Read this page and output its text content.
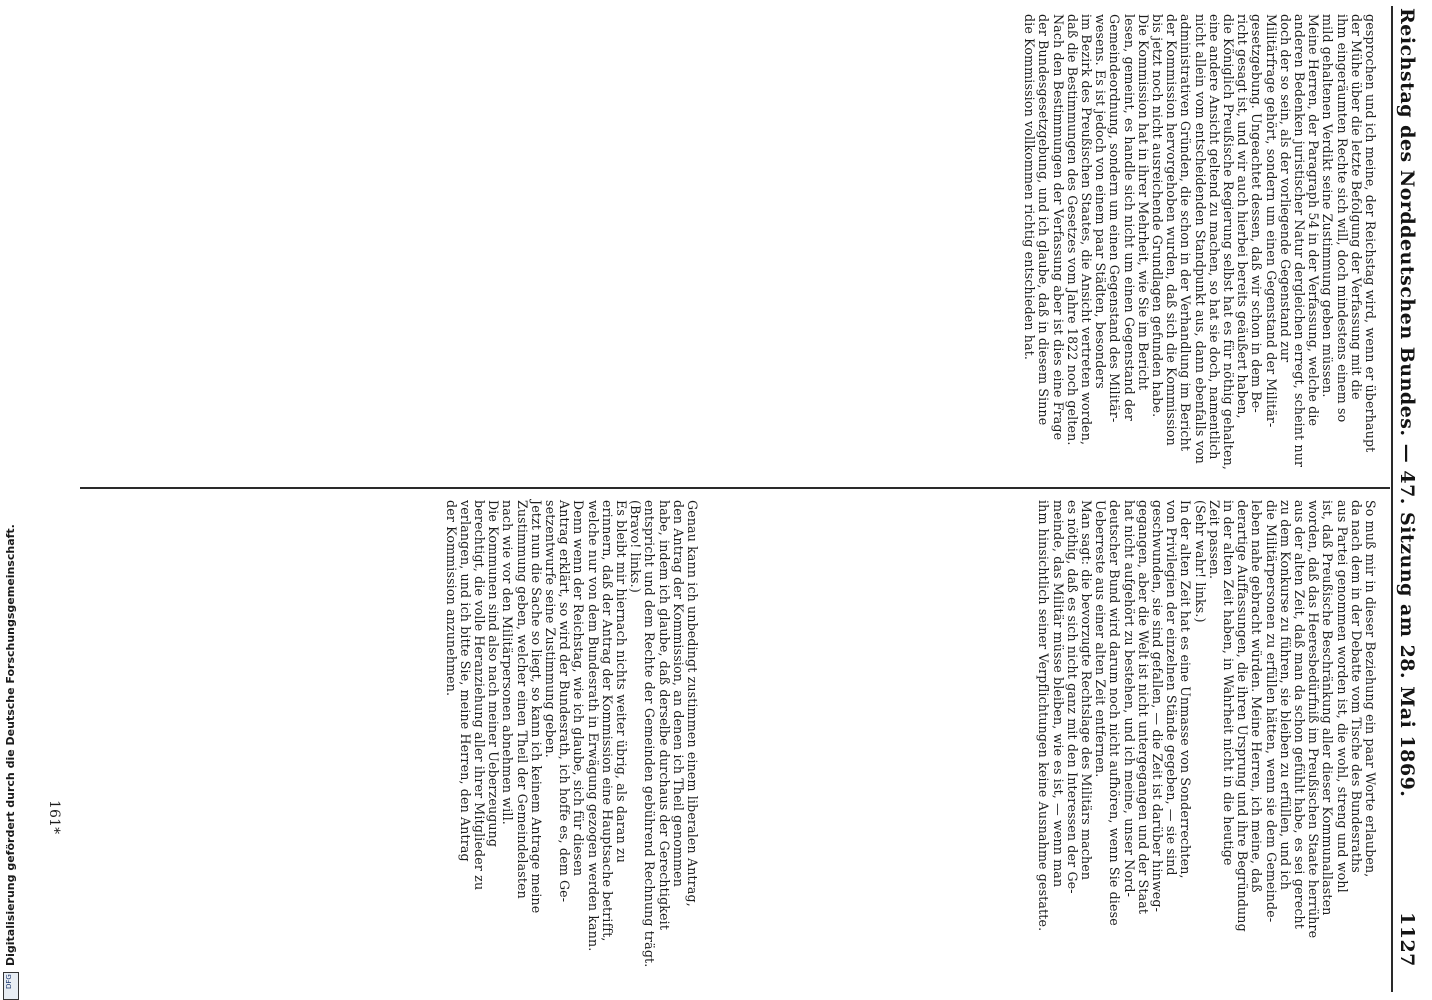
Reichstag des Norddeutschen Bundes. — 47. Sitzung am 28. Mai 1869.
1127
gesprochen und ich meine, der Reichstag wird, wenn er überhaupt
der Mühe über die letzte Befolgung der Verfassung mit die
ihm eingeräumten Rechte sich will, doch mindestens einem so
mild gehaltenen Verdikt seine Zustimmung geben müssen.
Meine Herren, der Paragraph 54 in der Verfassung, welche die
anderen Bedenken juristischer Natur dergleichen erregt, scheint nur
doch der so sein, als der vorliegende Gegenstand zur
Militärfrage gehört, sondern um einen Gegenstand der Militär-
gesetzgebung. Ungeachtet dessen, daß wir schon in dem Be-
richt gesagt ist, und wir auch hierbei bereits geäußert haben,
die Königlich Preußische Regierung selbst hat es für nöthig gehalten,
eine andere Ansicht geltend zu machen, so hat sie doch, namentlich
nicht allein vom entscheidenden Standpunkt aus, dann ebenfalls von
administrativen Gründen, die schon in der Verhandlung im Bericht
der Kommission hervorgehoben wurden, daß sich die Kommission
bis jetzt noch nicht ausreichende Grundlagen gefunden habe.
Die Kommission hat in ihrer Mehrheit, wie Sie im Bericht
lesen, gemeint, es handle sich nicht um einen Gegenstand der
Gemeindeordnung, sondern um einen Gegenstand des Militär-
wesens. Es ist jedoch von einem paar Städten, besonders
im Bezirk des Preußischen Staates, die Ansicht vertreten worden,
daß die Bestimmungen des Gesetzes vom Jahre 1822 noch gelten.
Nach den Bestimmungen der Verfassung aber ist dies eine Frage
der Bundesgesetzgebung, und ich glaube, daß in diesem Sinne
die Kommission vollkommen richtig entschieden hat.
So muß mir in dieser Beziehung ein paar Worte erlauben,
da nach dem in der Debatte vom Tische des Bundesraths
aus Partei genommen worden ist, die wohl, streng und wohl
ist, daß Preußische Beschränkung aller dieser Kommunallasten
worden, daß das Heeresbedürfniß im Preußischen Staate herrühre
aus der alten Zeit, daß man da schon gefühlt habe, es sei gerecht
zu dem Konkurse zu führen, sie bleiben zu erfüllen, und ich
die Militärpersonen zu erfüllen hätten, wenn sie dem Gemeinde-
leben nahe gebracht würden. Meine Herren, ich meine, daß
derartige Auffassungen, die ihren Ursprung und ihre Begründung
in der alten Zeit haben, in Wahrheit nicht in die heutige
Zeit passen.
(Sehr wahr! links.)
In der alten Zeit hat es eine Unmasse von Sonderrechten,
von Privilegien der einzelnen Stände gegeben, — sie sind
geschwunden, sie sind gefallen, — die Zeit ist darüber hinweg-
gegangen, aber die Welt ist nicht untergegangen und der Staat
hat nicht aufgehört zu bestehen, und ich meine, unser Nord-
deutscher Bund wird darum noch nicht aufhören, wenn Sie diese
Ueberreste aus einer alten Zeit entfernen.
Man sagt: die bevorzugte Rechtslage des Militärs machen
es nöthig, daß es sich nicht ganz mit den Interessen der Ge-
meinde, das Militär müsse bleiben, wie es ist, — wenn man
ihm hinsichtlich seiner Verpflichtungen keine Ausnahme gestatte.
Genau kann ich unbedingt zustimmen einem liberalen Antrag,
den Antrag der Kommission, an denen ich Theil genommen
habe, indem ich glaube, daß derselbe durchaus der Gerechtigkeit
entspricht und dem Rechte der Gemeinden gebührend Rechnung trägt.
(Bravo! links.)
Es bleibt mir hiernach nichts weiter übrig, als daran zu
erinnern, daß der Antrag der Kommission eine Hauptsache betrifft,
welche nur von dem Bundesrath in Erwägung gezogen werden kann.
Denn wenn der Reichstag, wie ich glaube, sich für diesen
Antrag erklärt, so wird der Bundesrath, ich hoffe es, dem Ge-
setzentwurfe seine Zustimmung geben.
Jetzt nun die Sache so liegt, so kann ich keinem Antrage meine
Zustimmung geben, welcher einen Theil der Gemeindelasten
nach wie vor den Militärpersonen abnehmen will.
Die Kommunen sind also nach meiner Ueberzeugung
berechtigt, die volle Heranziehung aller ihrer Mitglieder zu
verlangen, und ich bitte Sie, meine Herren, den Antrag
der Kommission anzunehmen.
161*
Digitalisierung gefördert durch die Deutsche Forschungsgemeinschaft.
DFG
